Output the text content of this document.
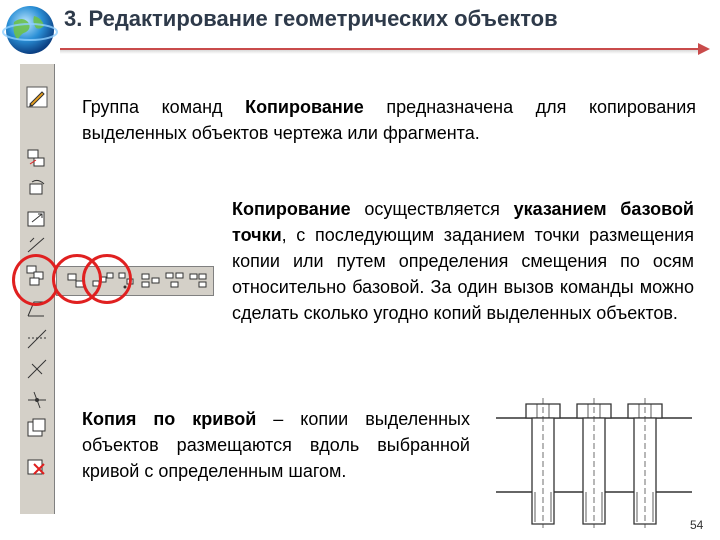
3. Редактирование геометрических объектов
Группа команд Копирование предназначена для копирования выделенных объектов чертежа или фрагмента.
Копирование осуществляется указанием базовой точки, с последующим заданием точки размещения копии или путем определения смещения по осям относительно базовой. За один вызов команды можно сделать сколько угодно копий выделенных объектов.
Копия по кривой – копии выделенных объектов размещаются вдоль выбранной кривой с определенным шагом.
54
